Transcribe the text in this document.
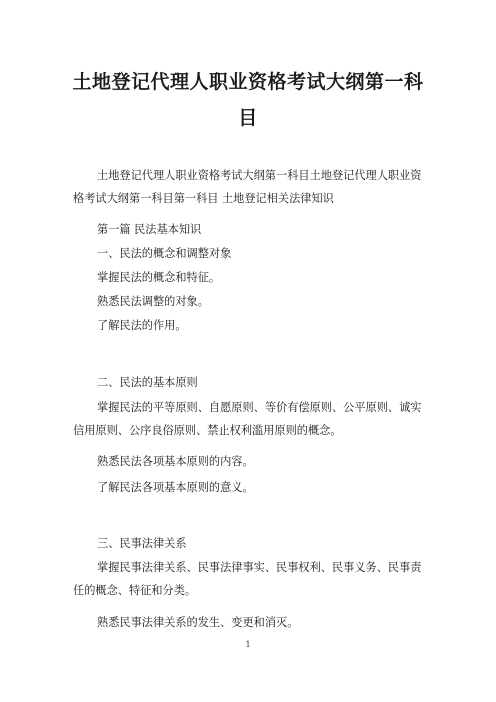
土地登记代理人职业资格考试大纲第一科目

土地登记代理人职业资格考试大纲第一科目土地登记代理人职业资格考试大纲第一科目第一科目 土地登记相关法律知识

第一篇 民法基本知识

一、民法的概念和调整对象

掌握民法的概念和特征。

熟悉民法调整的对象。

了解民法的作用。

二、民法的基本原则

掌握民法的平等原则、自愿原则、等价有偿原则、公平原则、诚实信用原则、公序良俗原则、禁止权利滥用原则的概念。

熟悉民法各项基本原则的内容。

了解民法各项基本原则的意义。

三、民事法律关系

掌握民事法律关系、民事法律事实、民事权利、民事义务、民事责任的概念、特征和分类。

熟悉民事法律关系的发生、变更和消灭。

1
